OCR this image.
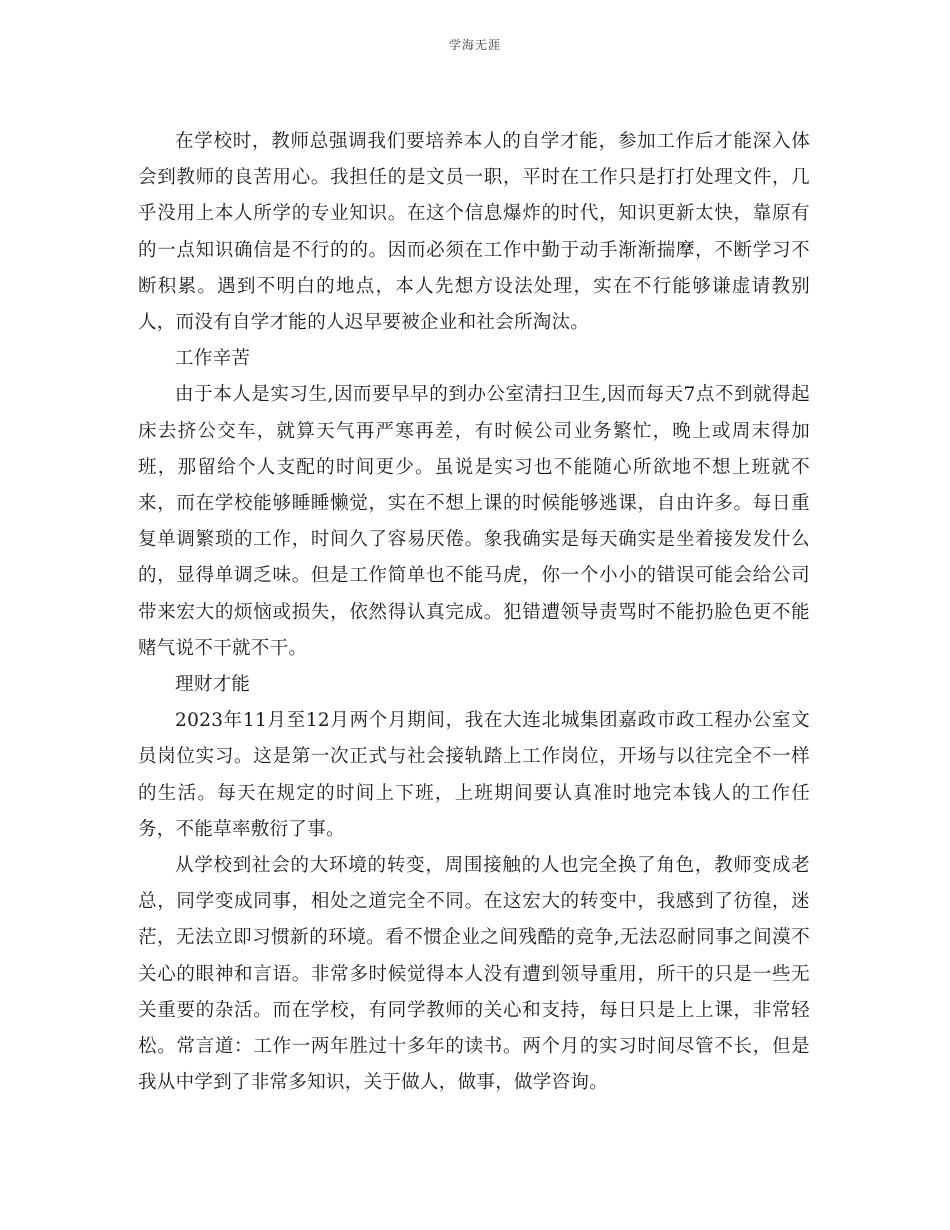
学海无涯

在学校时，教师总强调我们要培养本人的自学才能，参加工作后才能深入体会到教师的良苦用心。我担任的是文员一职，平时在工作只是打打处理文件，几乎没用上本人所学的专业知识。在这个信息爆炸的时代，知识更新太快，靠原有的一点知识确信是不行的的。因而必须在工作中勤于动手渐渐揣摩，不断学习不断积累。遇到不明白的地点，本人先想方设法处理，实在不行能够谦虚请教别人，而没有自学才能的人迟早要被企业和社会所淘汰。

工作辛苦

由于本人是实习生,因而要早早的到办公室清扫卫生,因而每天7点不到就得起床去挤公交车，就算天气再严寒再差，有时候公司业务繁忙，晚上或周末得加班，那留给个人支配的时间更少。虽说是实习也不能随心所欲地不想上班就不来，而在学校能够睡睡懒觉，实在不想上课的时候能够逃课，自由许多。每日重复单调繁琐的工作，时间久了容易厌倦。象我确实是每天确实是坐着接发发什么的，显得单调乏味。但是工作简单也不能马虎，你一个小小的错误可能会给公司带来宏大的烦恼或损失，依然得认真完成。犯错遭领导责骂时不能扔脸色更不能赌气说不干就不干。

理财才能

2023年11月至12月两个月期间，我在大连北城集团嘉政市政工程办公室文员岗位实习。这是第一次正式与社会接轨踏上工作岗位，开场与以往完全不一样的生活。每天在规定的时间上下班，上班期间要认真准时地完本钱人的工作任务，不能草率敷衍了事。

从学校到社会的大环境的转变，周围接触的人也完全换了角色，教师变成老总，同学变成同事，相处之道完全不同。在这宏大的转变中，我感到了彷徨，迷茫，无法立即习惯新的环境。看不惯企业之间残酷的竞争,无法忍耐同事之间漠不关心的眼神和言语。非常多时候觉得本人没有遭到领导重用，所干的只是一些无关重要的杂活。而在学校，有同学教师的关心和支持，每日只是上上课，非常轻松。常言道：工作一两年胜过十多年的读书。两个月的实习时间尽管不长，但是我从中学到了非常多知识，关于做人，做事，做学咨询。
